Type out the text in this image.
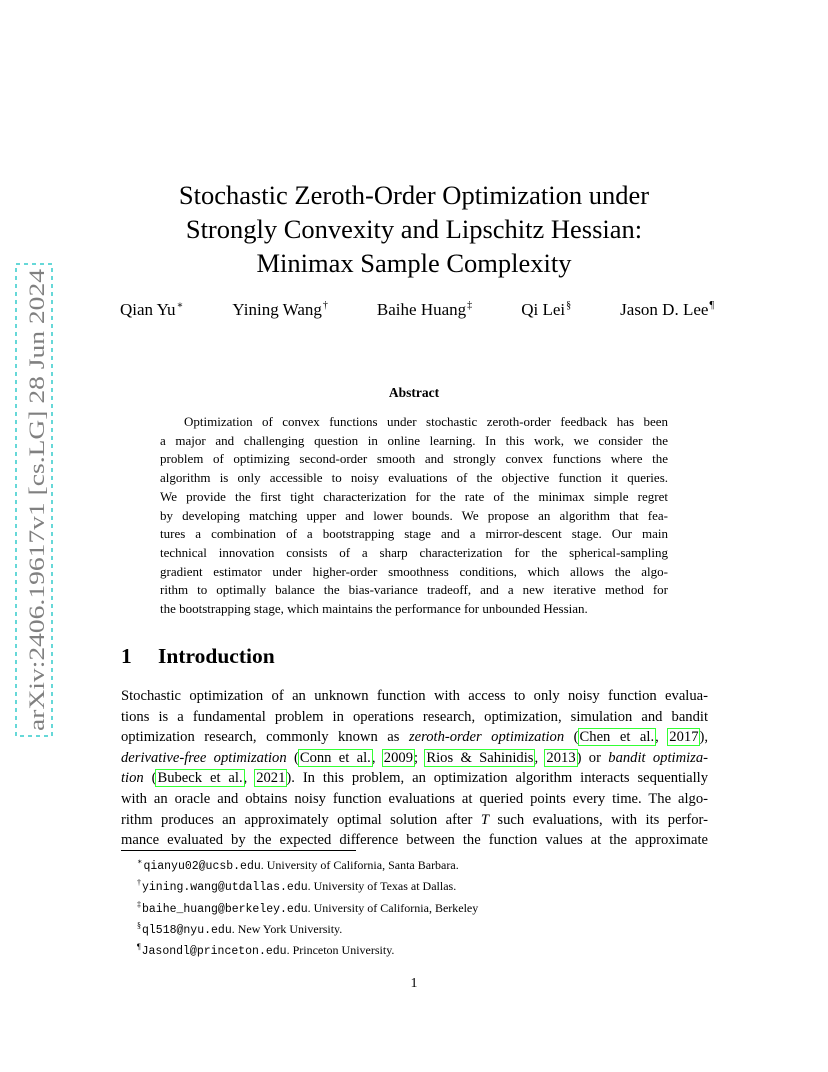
arXiv:2406.19617v1 [cs.LG] 28 Jun 2024
Stochastic Zeroth-Order Optimization under
Strongly Convexity and Lipschitz Hessian:
Minimax Sample Complexity
Qian Yu∗	Yining Wang†	Baihe Huang‡	Qi Lei§	Jason D. Lee¶
Abstract
Optimization of convex functions under stochastic zeroth-order feedback has been
a major and challenging question in online learning. In this work, we consider the
problem of optimizing second-order smooth and strongly convex functions where the
algorithm is only accessible to noisy evaluations of the objective function it queries.
We provide the first tight characterization for the rate of the minimax simple regret
by developing matching upper and lower bounds. We propose an algorithm that fea-
tures a combination of a bootstrapping stage and a mirror-descent stage. Our main
technical innovation consists of a sharp characterization for the spherical-sampling
gradient estimator under higher-order smoothness conditions, which allows the algo-
rithm to optimally balance the bias-variance tradeoff, and a new iterative method for
the bootstrapping stage, which maintains the performance for unbounded Hessian.
1 Introduction
Stochastic optimization of an unknown function with access to only noisy function evalua-
tions is a fundamental problem in operations research, optimization, simulation and bandit
optimization research, commonly known as zeroth-order optimization (Chen et al., 2017),
derivative-free optimization (Conn et al., 2009; Rios & Sahinidis, 2013) or bandit optimiza-
tion (Bubeck et al., 2021). In this problem, an optimization algorithm interacts sequentially
with an oracle and obtains noisy function evaluations at queried points every time. The algo-
rithm produces an approximately optimal solution after T such evaluations, with its perfor-
mance evaluated by the expected difference between the function values at the approximate
∗qianyu02@ucsb.edu. University of California, Santa Barbara.
†yining.wang@utdallas.edu. University of Texas at Dallas.
‡baihe_huang@berkeley.edu. University of California, Berkeley
§ql518@nyu.edu. New York University.
¶Jasondl@princeton.edu. Princeton University.
1
